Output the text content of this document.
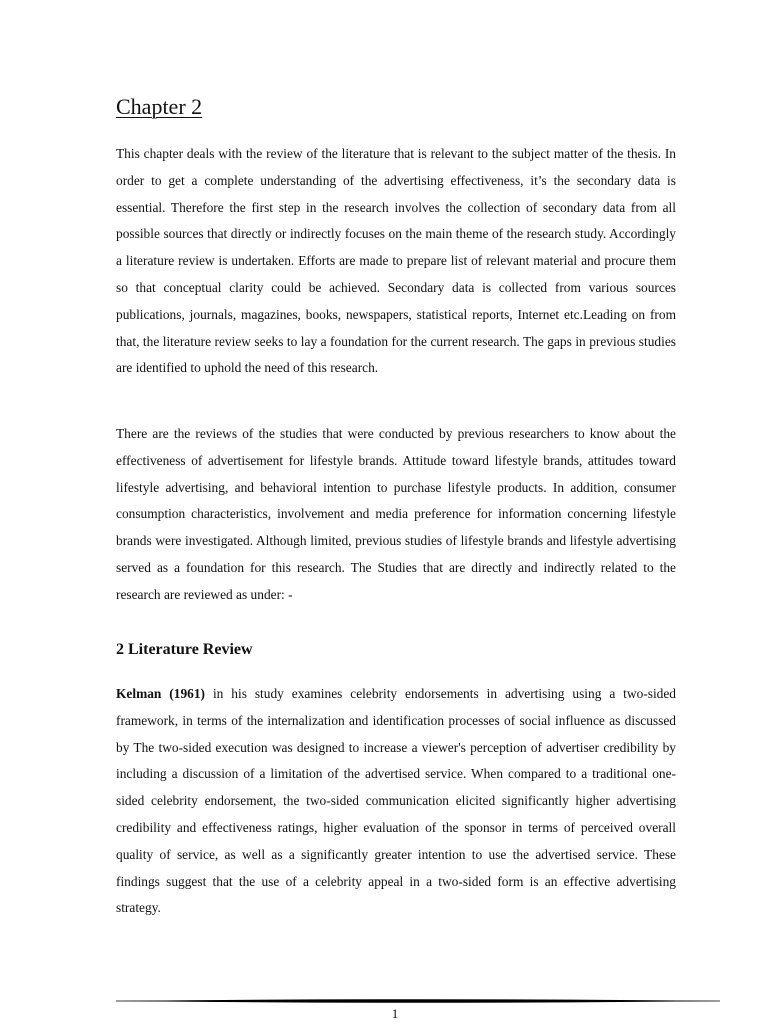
Chapter 2

This chapter deals with the review of the literature that is relevant to the subject matter of the thesis. In order to get a complete understanding of the advertising effectiveness, it’s the secondary data is essential. Therefore the first step in the research involves the collection of secondary data from all possible sources that directly or indirectly focuses on the main theme of the research study. Accordingly a literature review is undertaken. Efforts are made to prepare list of relevant material and procure them so that conceptual clarity could be achieved. Secondary data is collected from various sources publications, journals, magazines, books, newspapers, statistical reports, Internet etc.Leading on from that, the literature review seeks to lay a foundation for the current research. The gaps in previous studies are identified to uphold the need of this research.

There are the reviews of the studies that were conducted by previous researchers to know about the effectiveness of advertisement for lifestyle brands. Attitude toward lifestyle brands, attitudes toward lifestyle advertising, and behavioral intention to purchase lifestyle products. In addition, consumer consumption characteristics, involvement and media preference for information concerning lifestyle brands were investigated. Although limited, previous studies of lifestyle brands and lifestyle advertising served as a foundation for this research. The Studies that are directly and indirectly related to the research are reviewed as under: -

2 Literature Review

Kelman (1961) in his study examines celebrity endorsements in advertising using a two-sided framework, in terms of the internalization and identification processes of social influence as discussed by The two-sided execution was designed to increase a viewer's perception of advertiser credibility by including a discussion of a limitation of the advertised service. When compared to a traditional one-sided celebrity endorsement, the two-sided communication elicited significantly higher advertising credibility and effectiveness ratings, higher evaluation of the sponsor in terms of perceived overall quality of service, as well as a significantly greater intention to use the advertised service. These findings suggest that the use of a celebrity appeal in a two-sided form is an effective advertising strategy.

1
